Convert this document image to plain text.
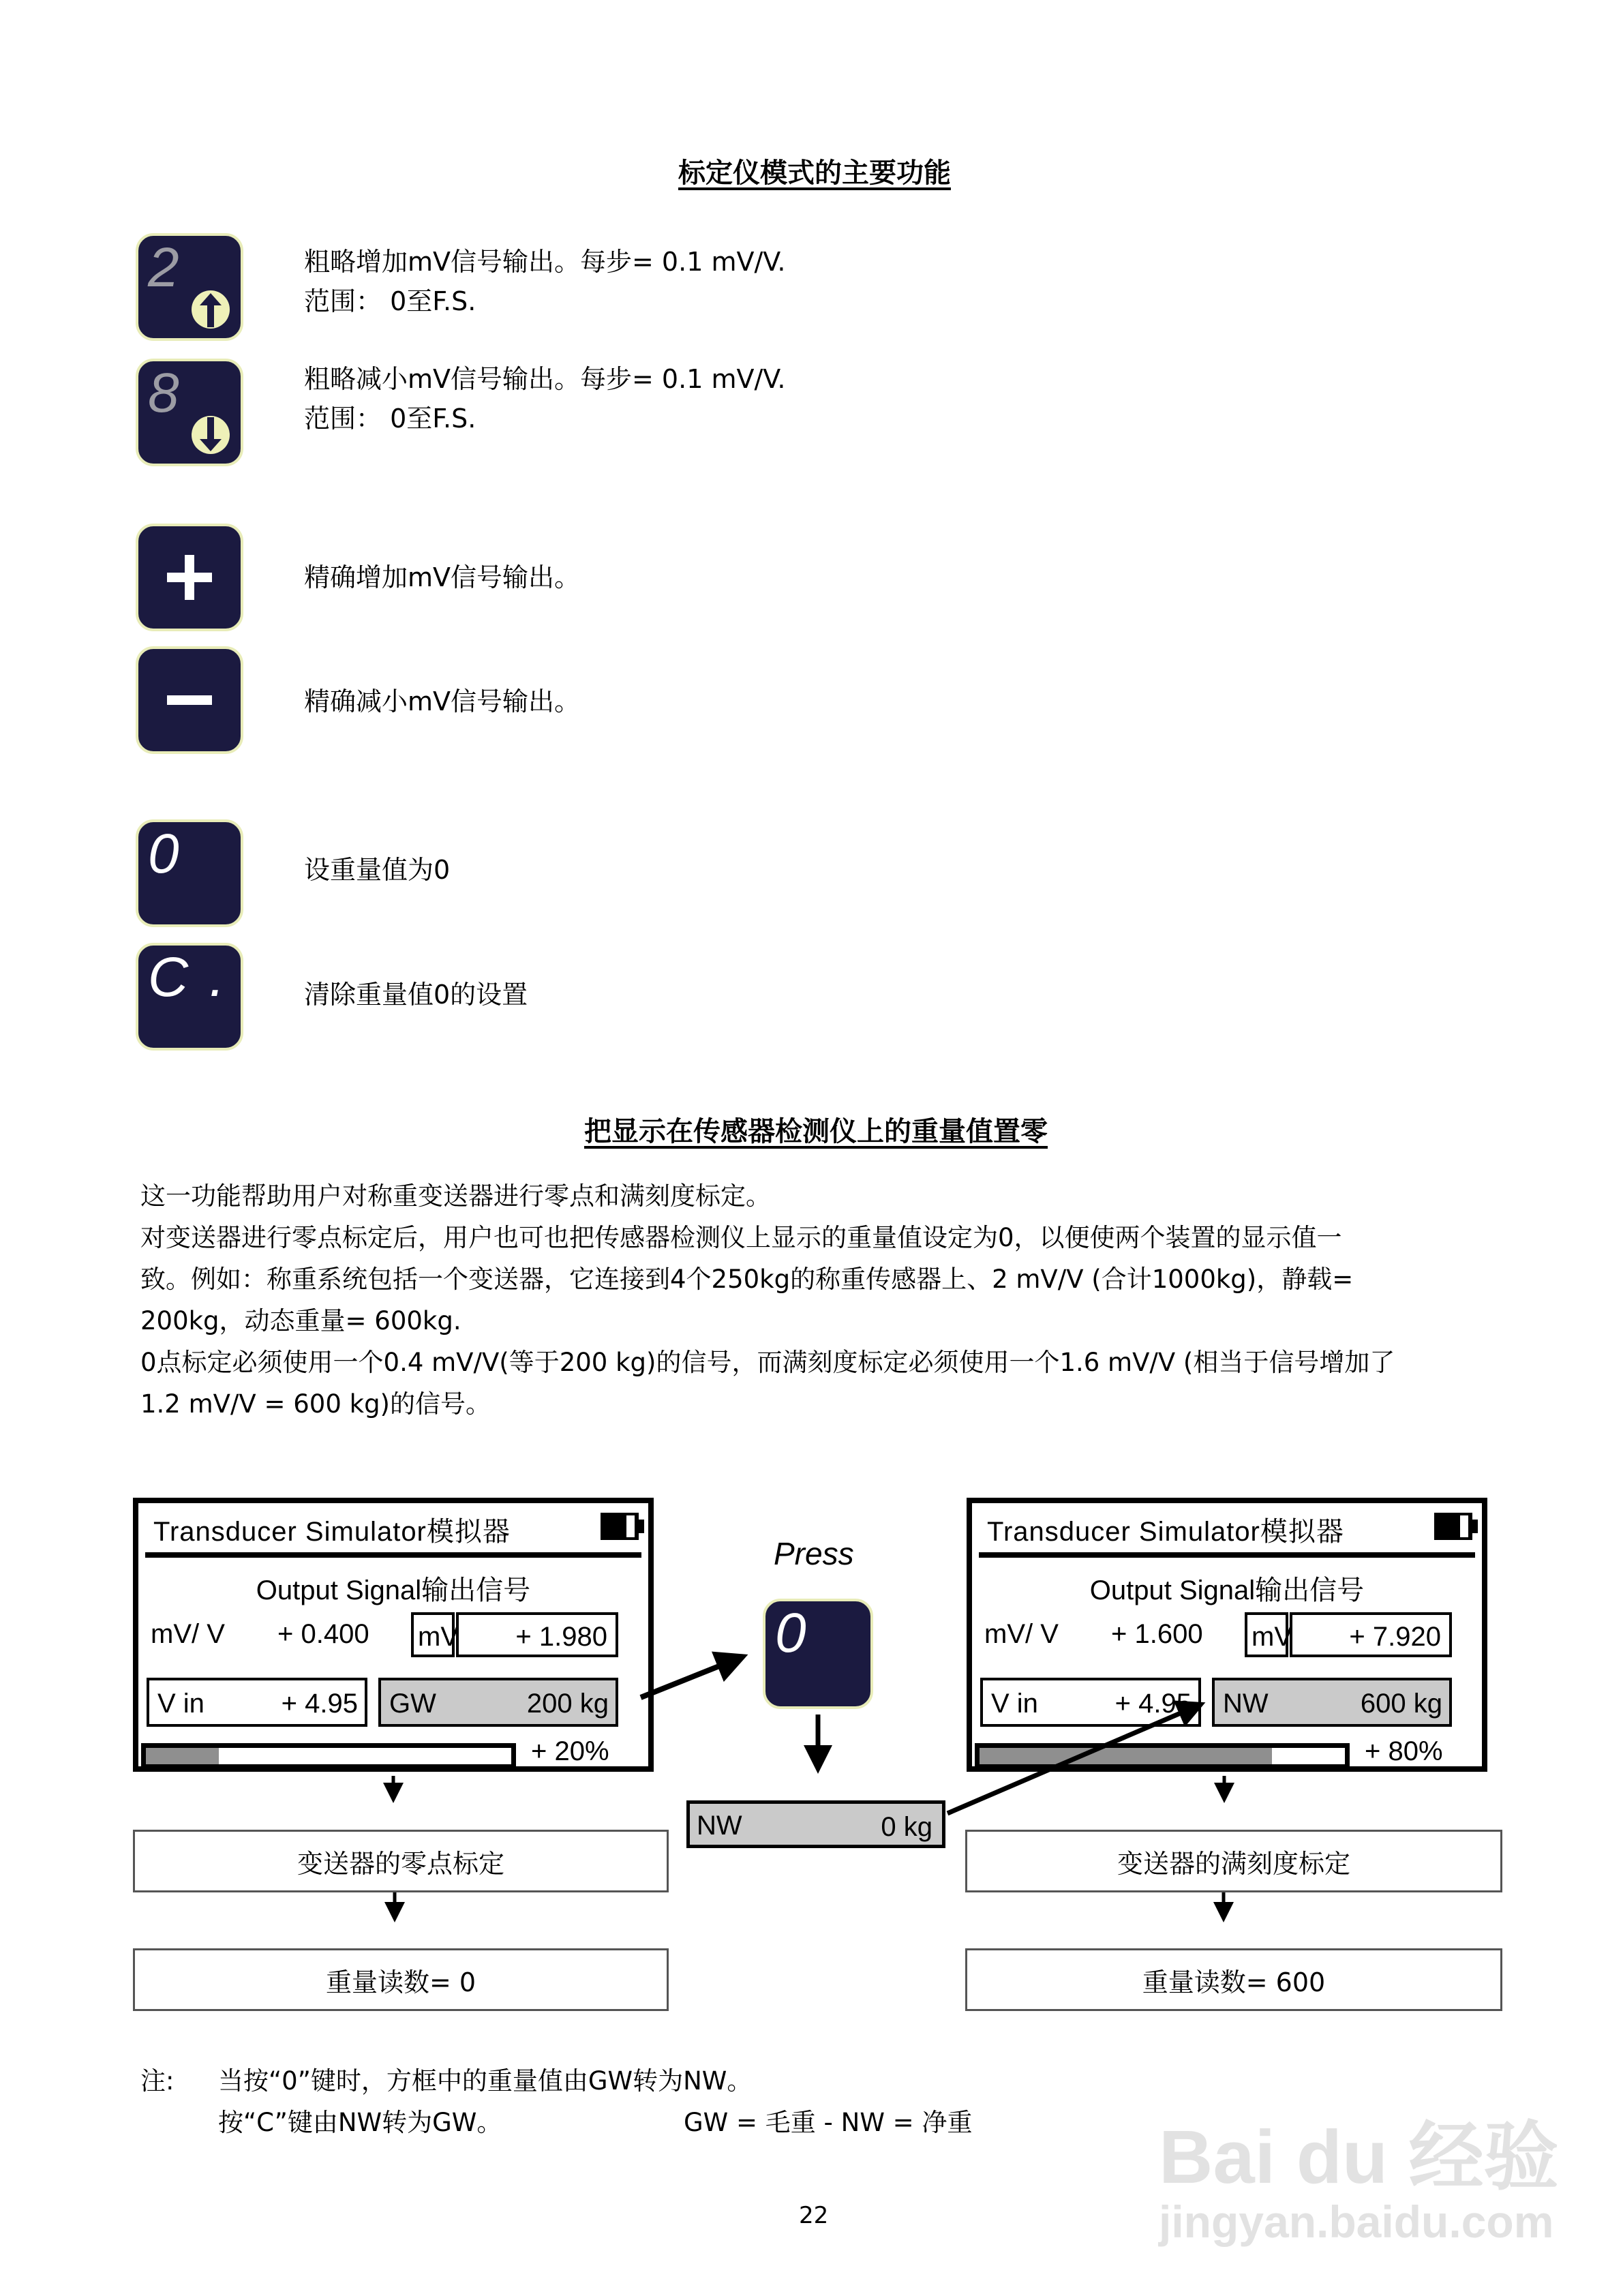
标定仪模式的主要功能
2	粗略增加mV信号输出。每步= 0.1 mV/V.
范围： 0至F.S.
8	粗略减小mV信号输出。每步= 0.1 mV/V.
范围： 0至F.S.
精确增加mV信号输出。
精确减小mV信号输出。
0	设重量值为0
C .	清除重量值0的设置
把显示在传感器检测仪上的重量值置零
这一功能帮助用户对称重变送器进行零点和满刻度标定。
对变送器进行零点标定后，用户也可也把传感器检测仪上显示的重量值设定为0，以便使两个装置的显示值一
致。例如：称重系统包括一个变送器，它连接到4个250kg的称重传感器上、2 mV/V (合计1000kg)，静载=
200kg，动态重量= 600kg.
0点标定必须使用一个0.4 mV/V(等于200 kg)的信号，而满刻度标定必须使用一个1.6 mV/V (相当于信号增加了
1.2 mV/V = 600 kg)的信号。
Transducer Simulator模拟器
Output Signal输出信号
mV/ V + 0.400 mV	+ 1.980
V in	+ 4.95 GW	200 kg
+ 20%
Transducer Simulator模拟器
Output Signal输出信号
mV/ V + 1.600 mV	+ 7.920
V in	+ 4.95 NW	600 kg
+ 80%
Press
0
NW	0 kg
变送器的零点标定
重量读数= 0
变送器的满刻度标定
重量读数= 600
注: 当按“0”键时，方框中的重量值由GW转为NW。
按“C”键由NW转为GW。	GW = 毛重 - NW = 净重
22
Bai du 经验
jingyan.baidu.com
